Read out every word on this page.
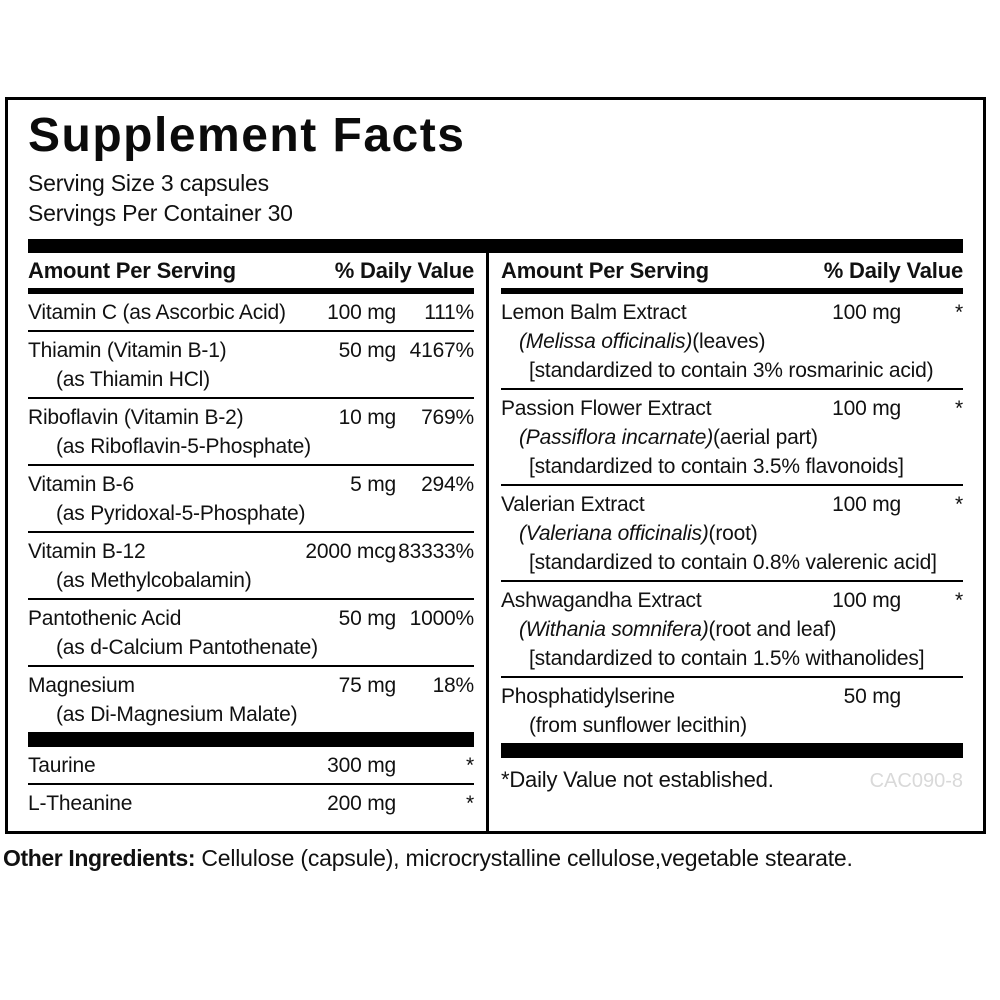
Supplement Facts
Serving Size 3 capsules
Servings Per Container 30
Amount Per Serving	% Daily Value
Vitamin C (as Ascorbic Acid)	100 mg	111%
Thiamin (Vitamin B-1)	50 mg 4167%
(as Thiamin HCl)
Riboflavin (Vitamin B-2)	10 mg	769%
(as Riboflavin-5-Phosphate)
Vitamin B-6	5 mg	294%
(as Pyridoxal-5-Phosphate)
Vitamin B-12	2000 mcg 83333%
(as Methylcobalamin)
Pantothenic Acid	50 mg 1000%
(as d-Calcium Pantothenate)
Magnesium	75 mg	18%
(as Di-Magnesium Malate)
Taurine	300 mg	*
L-Theanine	200 mg	*
Amount Per Serving	% Daily Value
Lemon Balm Extract	100 mg	*
(Melissa officinalis)(leaves)
[standardized to contain 3% rosmarinic acid)
Passion Flower Extract	100 mg	*
(Passiflora incarnate)(aerial part)
[standardized to contain 3.5% flavonoids]
Valerian Extract	100 mg	*
(Valeriana officinalis)(root)
[standardized to contain 0.8% valerenic acid]
Ashwagandha Extract	100 mg	*
(Withania somnifera)(root and leaf)
[standardized to contain 1.5% withanolides]
Phosphatidylserine	50 mg
(from sunflower lecithin)
*Daily Value not established.	CAC090-8
Other Ingredients: Cellulose (capsule), microcrystalline cellulose,vegetable stearate.
